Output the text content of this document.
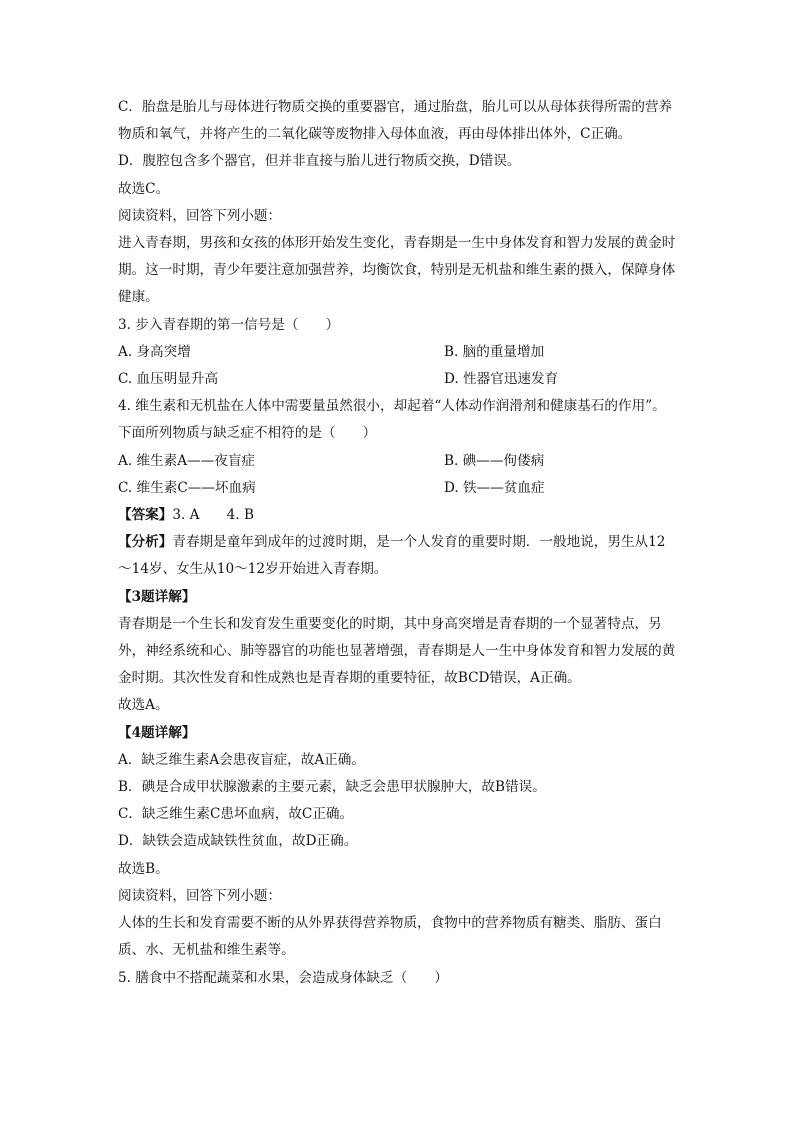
C．胎盘是胎儿与母体进行物质交换的重要器官，通过胎盘，胎儿可以从母体获得所需的营养物质和氧气，并将产生的二氧化碳等废物排入母体血液，再由母体排出体外，C正确。

D．腹腔包含多个器官，但并非直接与胎儿进行物质交换，D错误。

故选C。

阅读资料，回答下列小题：

进入青春期，男孩和女孩的体形开始发生变化，青春期是一生中身体发育和智力发展的黄金时期。这一时期，青少年要注意加强营养，均衡饮食，特别是无机盐和维生素的摄入，保障身体健康。

3. 步入青春期的第一信号是（　　）

A. 身高突增	B. 脑的重量增加
C. 血压明显升高	D. 性器官迅速发育

4. 维生素和无机盐在人体中需要量虽然很小，却起着“人体动作润滑剂和健康基石的作用”。下面所列物质与缺乏症不相符的是（　　）

A. 维生素A——夜盲症	B. 碘——佝偻病
C. 维生素C——坏血病	D. 铁——贫血症

【答案】3. A　　4. B

【分析】青春期是童年到成年的过渡时期，是一个人发育的重要时期．一般地说，男生从12～14岁、女生从10～12岁开始进入青春期。

【3题详解】

青春期是一个生长和发育发生重要变化的时期，其中身高突增是青春期的一个显著特点，另外，神经系统和心、肺等器官的功能也显著增强，青春期是人一生中身体发育和智力发展的黄金时期。其次性发育和性成熟也是青春期的重要特征，故BCD错误，A正确。

故选A。

【4题详解】

A．缺乏维生素A会患夜盲症，故A正确。

B．碘是合成甲状腺激素的主要元素，缺乏会患甲状腺肿大，故B错误。

C．缺乏维生素C患坏血病，故C正确。

D．缺铁会造成缺铁性贫血，故D正确。

故选B。

阅读资料，回答下列小题：

人体的生长和发育需要不断的从外界获得营养物质，食物中的营养物质有糖类、脂肪、蛋白质、水、无机盐和维生素等。

5. 膳食中不搭配蔬菜和水果，会造成身体缺乏（　　）
